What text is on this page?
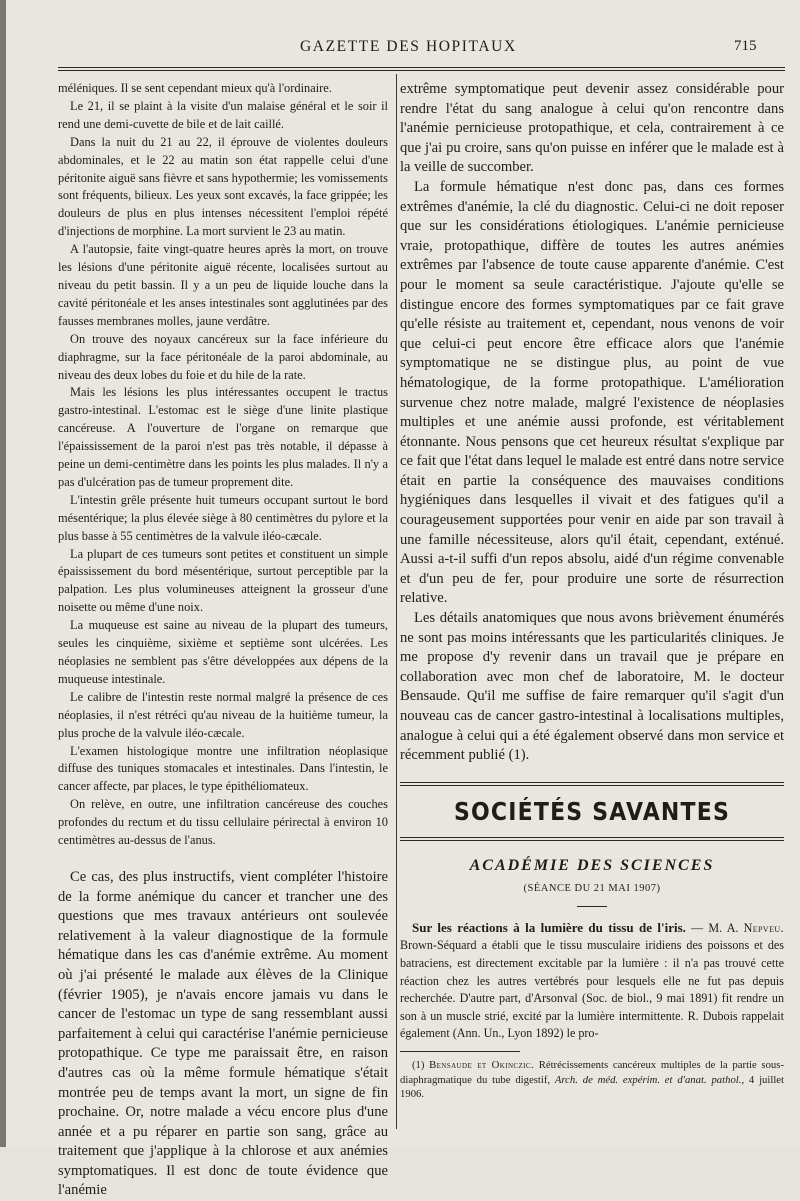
GAZETTE DES HOPITAUX	715

méléniques. Il se sent cependant mieux qu'à l'ordinaire.

Le 21, il se plaint à la visite d'un malaise général et le soir il rend une demi-cuvette de bile et de lait caillé.

Dans la nuit du 21 au 22, il éprouve de violentes douleurs abdominales, et le 22 au matin son état rappelle celui d'une péritonite aiguë sans fièvre et sans hypothermie; les vomissements sont fréquents, bilieux. Les yeux sont excavés, la face grippée; les douleurs de plus en plus intenses nécessitent l'emploi répété d'injections de morphine. La mort survient le 23 au matin.

A l'autopsie, faite vingt-quatre heures après la mort, on trouve les lésions d'une péritonite aiguë récente, localisées surtout au niveau du petit bassin. Il y a un peu de liquide louche dans la cavité péritonéale et les anses intestinales sont agglutinées par des fausses membranes molles, jaune verdâtre.

On trouve des noyaux cancéreux sur la face inférieure du diaphragme, sur la face péritonéale de la paroi abdominale, au niveau des deux lobes du foie et du hile de la rate.

Mais les lésions les plus intéressantes occupent le tractus gastro-intestinal. L'estomac est le siège d'une linite plastique cancéreuse. A l'ouverture de l'organe on remarque que l'épaississement de la paroi n'est pas très notable, il dépasse à peine un demi-centimètre dans les points les plus malades. Il n'y a pas d'ulcération pas de tumeur proprement dite.

L'intestin grêle présente huit tumeurs occupant surtout le bord mésentérique; la plus élevée siège à 80 centimètres du pylore et la plus basse à 55 centimètres de la valvule iléo-cæcale.

La plupart de ces tumeurs sont petites et constituent un simple épaississement du bord mésentérique, surtout perceptible par la palpation. Les plus volumineuses atteignent la grosseur d'une noisette ou même d'une noix.

La muqueuse est saine au niveau de la plupart des tumeurs, seules les cinquième, sixième et septième sont ulcérées. Les néoplasies ne semblent pas s'être développées aux dépens de la muqueuse intestinale.

Le calibre de l'intestin reste normal malgré la présence de ces néoplasies, il n'est rétréci qu'au niveau de la huitième tumeur, la plus proche de la valvule iléo-cæcale.

L'examen histologique montre une infiltration néoplasique diffuse des tuniques stomacales et intestinales. Dans l'intestin, le cancer affecte, par places, le type épithéliomateux.

On relève, en outre, une infiltration cancéreuse des couches profondes du rectum et du tissu cellulaire périrectal à environ 10 centimètres au-dessus de l'anus.

Ce cas, des plus instructifs, vient compléter l'histoire de la forme anémique du cancer et trancher une des questions que mes travaux antérieurs ont soulevée relativement à la valeur diagnostique de la formule hématique dans les cas d'anémie extrême. Au moment où j'ai présenté le malade aux élèves de la Clinique (février 1905), je n'avais encore jamais vu dans le cancer de l'estomac un type de sang ressemblant aussi parfaitement à celui qui caractérise l'anémie pernicieuse protopathique. Ce type me paraissait être, en raison d'autres cas où la même formule hématique s'était montrée peu de temps avant la mort, un signe de fin prochaine. Or, notre malade a vécu encore plus d'une année et a pu réparer en partie son sang, grâce au traitement que j'applique à la chlorose et aux anémies symptomatiques. Il est donc de toute évidence que l'anémie

extrême symptomatique peut devenir assez considérable pour rendre l'état du sang analogue à celui qu'on rencontre dans l'anémie pernicieuse protopathique, et cela, contrairement à ce que j'ai pu croire, sans qu'on puisse en inférer que le malade est à la veille de succomber.

La formule hématique n'est donc pas, dans ces formes extrêmes d'anémie, la clé du diagnostic. Celui-ci ne doit reposer que sur les considérations étiologiques. L'anémie pernicieuse vraie, protopathique, diffère de toutes les autres anémies extrêmes par l'absence de toute cause apparente d'anémie. C'est pour le moment sa seule caractéristique. J'ajoute qu'elle se distingue encore des formes symptomatiques par ce fait grave qu'elle résiste au traitement et, cependant, nous venons de voir que celui-ci peut encore être efficace alors que l'anémie symptomatique ne se distingue plus, au point de vue hématologique, de la forme protopathique. L'amélioration survenue chez notre malade, malgré l'existence de néoplasies multiples et une anémie aussi profonde, est véritablement étonnante. Nous pensons que cet heureux résultat s'explique par ce fait que l'état dans lequel le malade est entré dans notre service était en partie la conséquence des mauvaises conditions hygiéniques dans lesquelles il vivait et des fatigues qu'il a courageusement supportées pour venir en aide par son travail à une famille nécessiteuse, alors qu'il était, cependant, exténué. Aussi a-t-il suffi d'un repos absolu, aidé d'un régime convenable et d'un peu de fer, pour produire une sorte de résurrection relative.

Les détails anatomiques que nous avons brièvement énumérés ne sont pas moins intéressants que les particularités cliniques. Je me propose d'y revenir dans un travail que je prépare en collaboration avec mon chef de laboratoire, M. le docteur Bensaude. Qu'il me suffise de faire remarquer qu'il s'agit d'un nouveau cas de cancer gastro-intestinal à localisations multiples, analogue à celui qui a été également observé dans mon service et récemment publié (1).

SOCIÉTÉS SAVANTES
ACADÉMIE DES SCIENCES
(SÉANCE DU 21 MAI 1907)

Sur les réactions à la lumière du tissu de l'iris. — M. A. Nepveu. Brown-Séquard a établi que le tissu musculaire iridiens des poissons et des batraciens, est directement excitable par la lumière : il n'a pas trouvé cette réaction chez les autres vertébrés pour lesquels elle ne fut pas depuis recherchée. D'autre part, d'Arsonval (Soc. de biol., 9 mai 1891) fit rendre un son à un muscle strié, excité par la lumière intermittente. R. Dubois rappelait également (Ann. Un., Lyon 1892) le pro-

(1) Bensaude et Okinczic. Rétrécissements cancéreux multiples de la partie sous-diaphragmatique du tube digestif, Arch. de méd. expérim. et d'anat. pathol., 4 juillet 1906.
